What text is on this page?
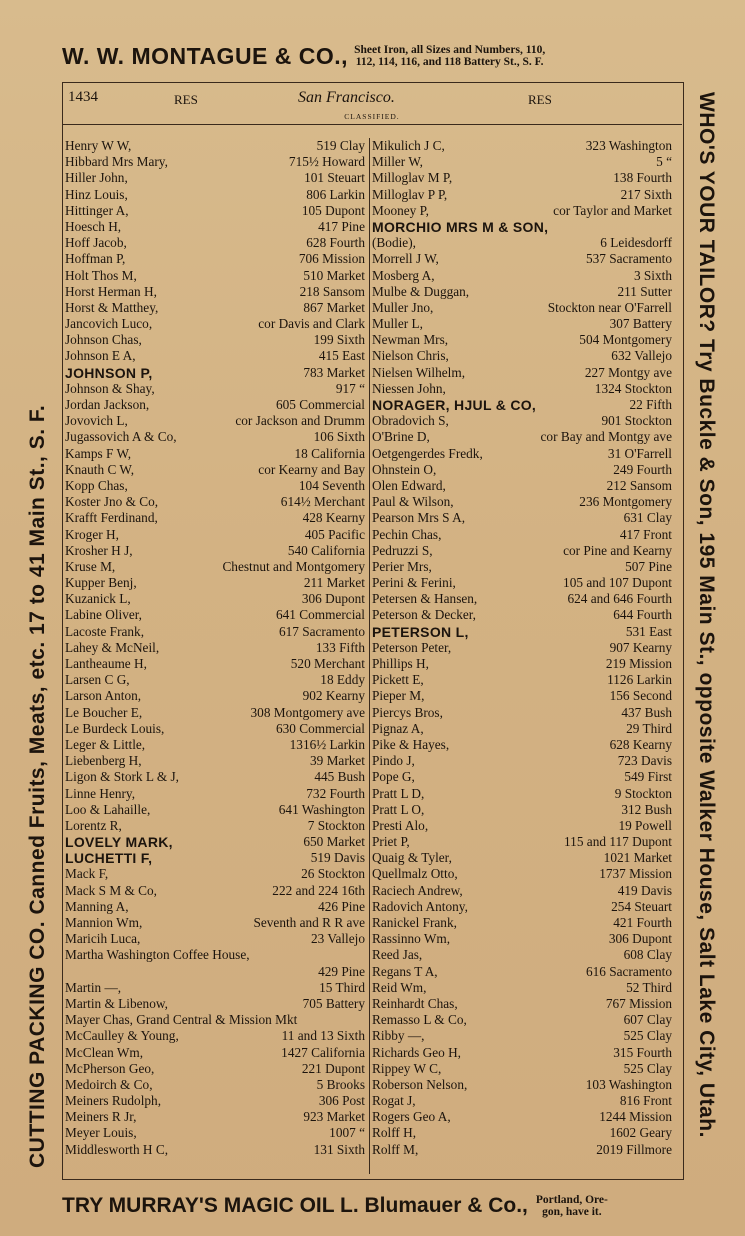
W. W. MONTAGUE & CO., Sheet Iron, all Sizes and Numbers, 110,
112, 114, 116, and 118 Battery St., S. F.
CUTTING PACKING CO. Canned Fruits, Meats, etc. 17 to 41 Main St., S. F.	WHO'S YOUR TAILOR? Try Buckle & Son, 195 Main St., opposite Walker House, Salt Lake City, Utah.
1434	RES	San Francisco.	RES
CLASSIFIED.
Henry W W,	519 Clay
Hibbard Mrs Mary,	715½ Howard
Hiller John,	101 Steuart
Hinz Louis,	806 Larkin
Hittinger A,	105 Dupont
Hoesch H,	417 Pine
Hoff Jacob,	628 Fourth
Hoffman P,	706 Mission
Holt Thos M,	510 Market
Horst Herman H,	218 Sansom
Horst & Matthey,	867 Market
Jancovich Luco,	cor Davis and Clark
Johnson Chas,	199 Sixth
Johnson E A,	415 East
JOHNSON P,	783 Market
Johnson & Shay,	917 “
Jordan Jackson,	605 Commercial
Jovovich L,	cor Jackson and Drumm
Jugassovich A & Co,	106 Sixth
Kamps F W,	18 California
Knauth C W,	cor Kearny and Bay
Kopp Chas,	104 Seventh
Koster Jno & Co,	614½ Merchant
Krafft Ferdinand,	428 Kearny
Kroger H,	405 Pacific
Krosher H J,	540 California
Kruse M,	Chestnut and Montgomery
Kupper Benj,	211 Market
Kuzanick L,	306 Dupont
Labine Oliver,	641 Commercial
Lacoste Frank,	617 Sacramento
Lahey & McNeil,	133 Fifth
Lantheaume H,	520 Merchant
Larsen C G,	18 Eddy
Larson Anton,	902 Kearny
Le Boucher E,	308 Montgomery ave
Le Burdeck Louis,	630 Commercial
Leger & Little,	1316½ Larkin
Liebenberg H,	39 Market
Ligon & Stork L & J,	445 Bush
Linne Henry,	732 Fourth
Loo & Lahaille,	641 Washington
Lorentz R,	7 Stockton
LOVELY MARK,	650 Market
LUCHETTI F,	519 Davis
Mack F,	26 Stockton
Mack S M & Co,	222 and 224 16th
Manning A,	426 Pine
Mannion Wm,	Seventh and R R ave
Maricih Luca,	23 Vallejo
Martha Washington Coffee House,
429 Pine
Martin —,	15 Third
Martin & Libenow,	705 Battery
Mayer Chas, Grand Central & Mission Mkt
McCaulley & Young,	11 and 13 Sixth
McClean Wm,	1427 California
McPherson Geo,	221 Dupont
Medoirch & Co,	5 Brooks
Meiners Rudolph,	306 Post
Meiners R Jr,	923 Market
Meyer Louis,	1007 “
Middlesworth H C,	131 Sixth
Mikulich J C,	323 Washington
Miller W,	5 “
Milloglav M P,	138 Fourth
Milloglav P P,	217 Sixth
Mooney P,	cor Taylor and Market
MORCHIO MRS M & SON,
(Bodie),	6 Leidesdorff
Morrell J W,	537 Sacramento
Mosberg A,	3 Sixth
Mulbe & Duggan,	211 Sutter
Muller Jno,	Stockton near O'Farrell
Muller L,	307 Battery
Newman Mrs,	504 Montgomery
Nielson Chris,	632 Vallejo
Nielsen Wilhelm,	227 Montgy ave
Niessen John,	1324 Stockton
NORAGER, HJUL & CO,	22 Fifth
Obradovich S,	901 Stockton
O'Brine D,	cor Bay and Montgy ave
Oetgengerdes Fredk,	31 O'Farrell
Ohnstein O,	249 Fourth
Olen Edward,	212 Sansom
Paul & Wilson,	236 Montgomery
Pearson Mrs S A,	631 Clay
Pechin Chas,	417 Front
Pedruzzi S,	cor Pine and Kearny
Perier Mrs,	507 Pine
Perini & Ferini,	105 and 107 Dupont
Petersen & Hansen,	624 and 646 Fourth
Peterson & Decker,	644 Fourth
PETERSON L,	531 East
Peterson Peter,	907 Kearny
Phillips H,	219 Mission
Pickett E,	1126 Larkin
Pieper M,	156 Second
Piercys Bros,	437 Bush
Pignaz A,	29 Third
Pike & Hayes,	628 Kearny
Pindo J,	723 Davis
Pope G,	549 First
Pratt L D,	9 Stockton
Pratt L O,	312 Bush
Presti Alo,	19 Powell
Priet P,	115 and 117 Dupont
Quaig & Tyler,	1021 Market
Quellmalz Otto,	1737 Mission
Raciech Andrew,	419 Davis
Radovich Antony,	254 Steuart
Ranickel Frank,	421 Fourth
Rassinno Wm,	306 Dupont
Reed Jas,	608 Clay
Regans T A,	616 Sacramento
Reid Wm,	52 Third
Reinhardt Chas,	767 Mission
Remasso L & Co,	607 Clay
Ribby —,	525 Clay
Richards Geo H,	315 Fourth
Rippey W C,	525 Clay
Roberson Nelson,	103 Washington
Rogat J,	816 Front
Rogers Geo A,	1244 Mission
Rolff H,	1602 Geary
Rolff M,	2019 Fillmore
TRY MURRAY'S MAGIC OIL L. Blumauer & Co., Portland, Ore-
gon, have it.
